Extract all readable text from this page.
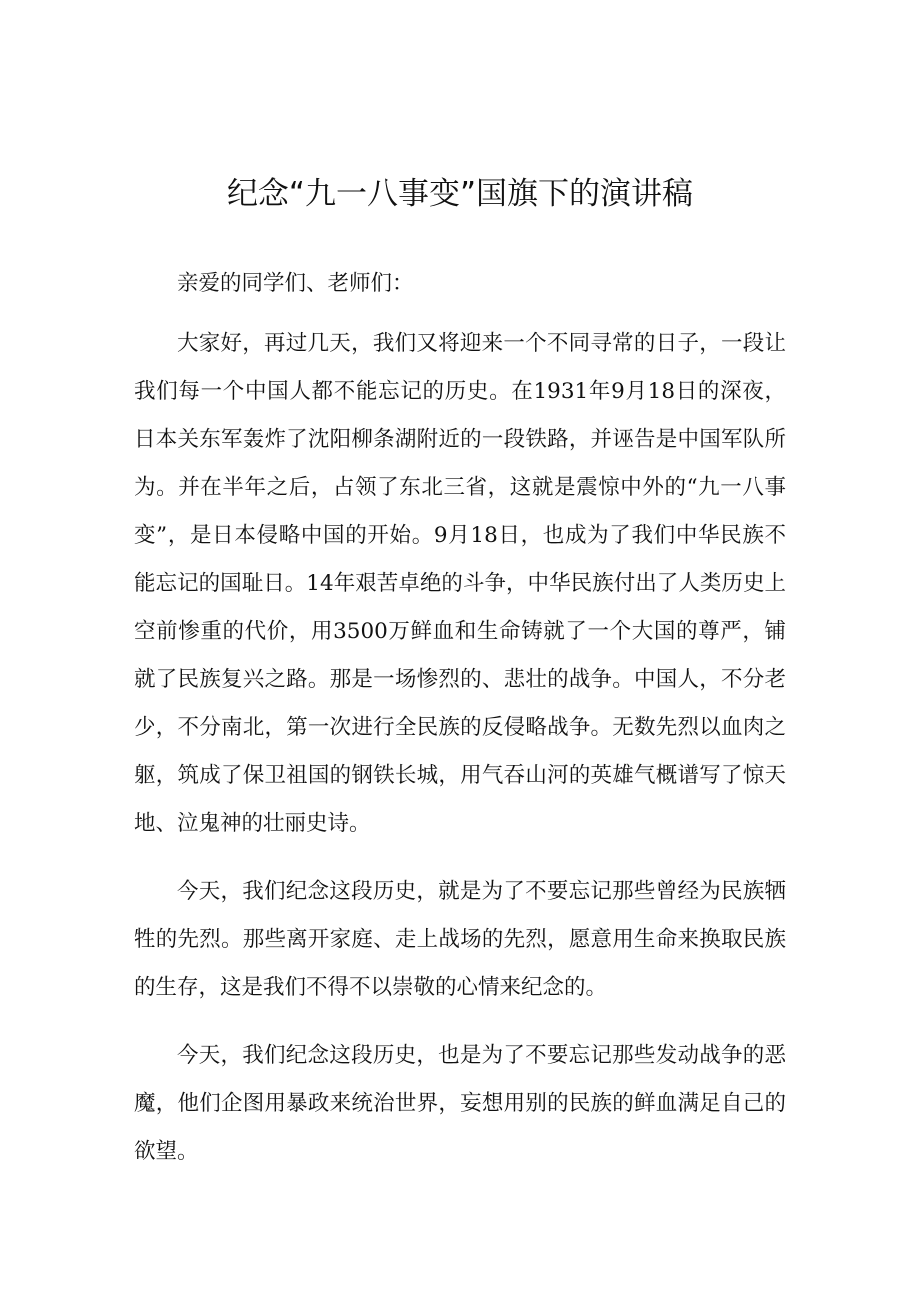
纪念“九一八事变”国旗下的演讲稿

亲爱的同学们、老师们：

大家好，再过几天，我们又将迎来一个不同寻常的日子，一段让我们每一个中国人都不能忘记的历史。在1931年9月18日的深夜，日本关东军轰炸了沈阳柳条湖附近的一段铁路，并诬告是中国军队所为。并在半年之后，占领了东北三省，这就是震惊中外的“九一八事变”，是日本侵略中国的开始。9月18日，也成为了我们中华民族不能忘记的国耻日。14年艰苦卓绝的斗争，中华民族付出了人类历史上空前惨重的代价，用3500万鲜血和生命铸就了一个大国的尊严，铺就了民族复兴之路。那是一场惨烈的、悲壮的战争。中国人，不分老少，不分南北，第一次进行全民族的反侵略战争。无数先烈以血肉之躯，筑成了保卫祖国的钢铁长城，用气吞山河的英雄气概谱写了惊天地、泣鬼神的壮丽史诗。

今天，我们纪念这段历史，就是为了不要忘记那些曾经为民族牺牲的先烈。那些离开家庭、走上战场的先烈，愿意用生命来换取民族的生存，这是我们不得不以崇敬的心情来纪念的。

今天，我们纪念这段历史，也是为了不要忘记那些发动战争的恶魔，他们企图用暴政来统治世界，妄想用别的民族的鲜血满足自己的欲望。
